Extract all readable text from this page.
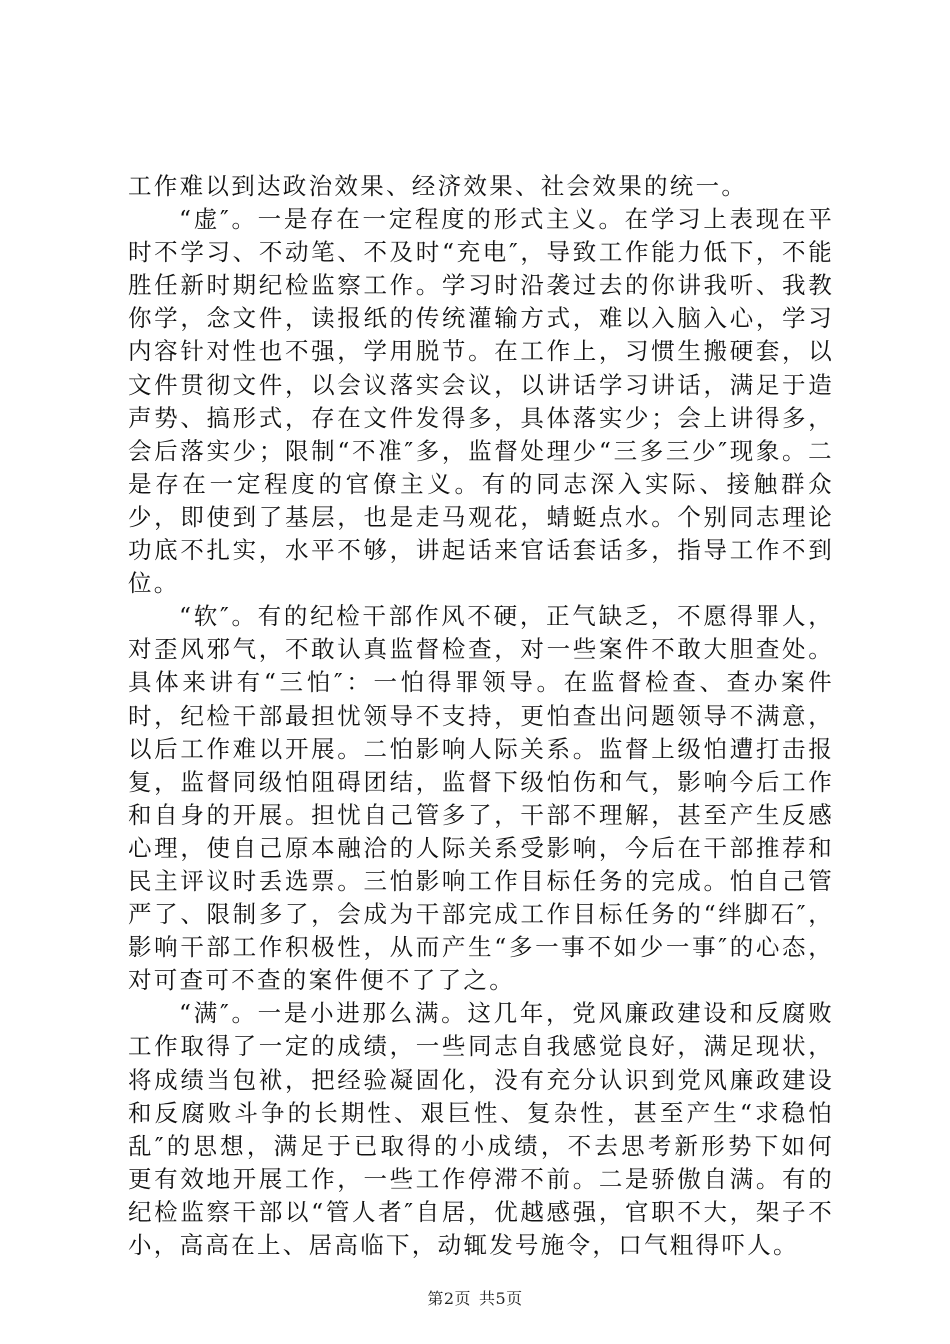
工作难以到达政治效果、经济效果、社会效果的统一。

“虚″。一是存在一定程度的形式主义。在学习上表现在平时不学习、不动笔、不及时“充电″，导致工作能力低下，不能胜任新时期纪检监察工作。学习时沿袭过去的你讲我听、我教你学，念文件，读报纸的传统灌输方式，难以入脑入心，学习内容针对性也不强，学用脱节。在工作上，习惯生搬硬套，以文件贯彻文件，以会议落实会议，以讲话学习讲话，满足于造声势、搞形式，存在文件发得多，具体落实少；会上讲得多，会后落实少；限制“不准″多，监督处理少“三多三少″现象。二是存在一定程度的官僚主义。有的同志深入实际、接触群众少，即使到了基层，也是走马观花，蜻蜓点水。个别同志理论功底不扎实，水平不够，讲起话来官话套话多，指导工作不到位。

“软″。有的纪检干部作风不硬，正气缺乏，不愿得罪人，对歪风邪气，不敢认真监督检查，对一些案件不敢大胆查处。具体来讲有“三怕″：一怕得罪领导。在监督检查、查办案件时，纪检干部最担忧领导不支持，更怕查出问题领导不满意，以后工作难以开展。二怕影响人际关系。监督上级怕遭打击报复，监督同级怕阻碍团结，监督下级怕伤和气，影响今后工作和自身的开展。担忧自己管多了，干部不理解，甚至产生反感心理，使自己原本融洽的人际关系受影响，今后在干部推荐和民主评议时丢选票。三怕影响工作目标任务的完成。怕自己管严了、限制多了，会成为干部完成工作目标任务的“绊脚石″，影响干部工作积极性，从而产生“多一事不如少一事″的心态，对可查可不查的案件便不了了之。

“满″。一是小进那么满。这几年，党风廉政建设和反腐败工作取得了一定的成绩，一些同志自我感觉良好，满足现状，将成绩当包袱，把经验凝固化，没有充分认识到党风廉政建设和反腐败斗争的长期性、艰巨性、复杂性，甚至产生“求稳怕乱″的思想，满足于已取得的小成绩，不去思考新形势下如何更有效地开展工作，一些工作停滞不前。二是骄傲自满。有的纪检监察干部以“管人者″自居，优越感强，官职不大，架子不小，高高在上、居高临下，动辄发号施令，口气粗得吓人。

第2页 共5页
